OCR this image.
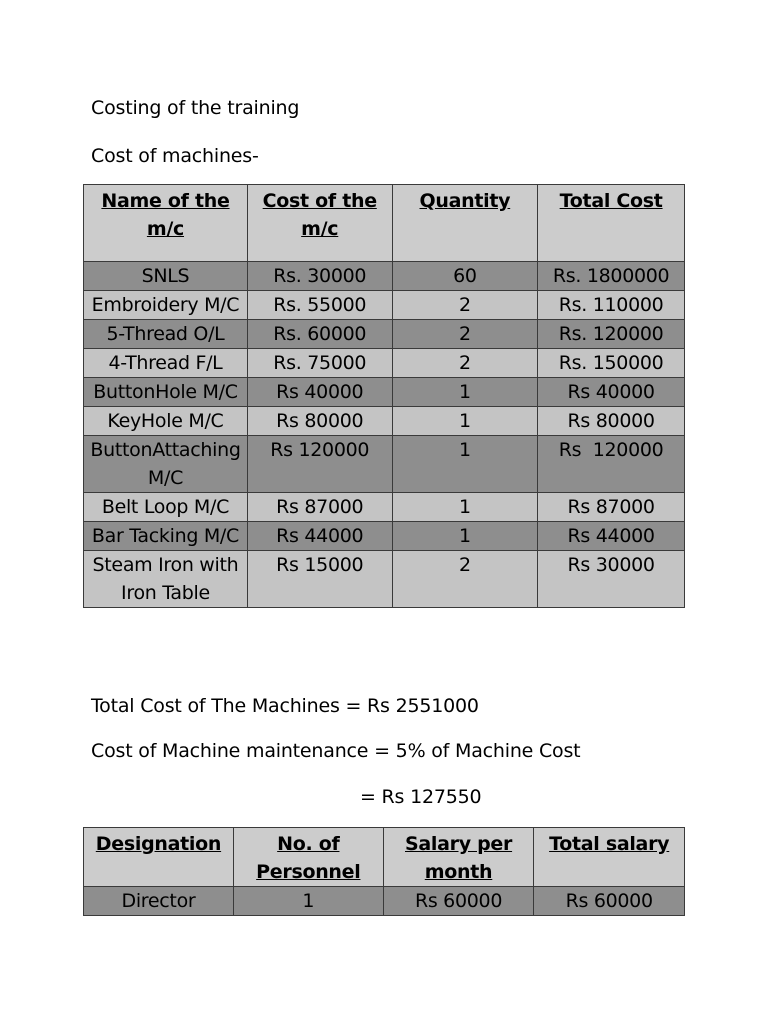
Costing of the training
Cost of machines-
Name of the m/c	Cost of the m/c	Quantity	Total Cost
SNLS	Rs. 30000	60	Rs. 1800000
Embroidery M/C	Rs. 55000	2	Rs. 110000
5-Thread O/L	Rs. 60000	2	Rs. 120000
4-Thread F/L	Rs. 75000	2	Rs. 150000
ButtonHole M/C	Rs 40000	1	Rs 40000
KeyHole M/C	Rs 80000	1	Rs 80000
ButtonAttaching M/C	Rs 120000	1	Rs  120000
Belt Loop M/C	Rs 87000	1	Rs 87000
Bar Tacking M/C	Rs 44000	1	Rs 44000
Steam Iron with Iron Table	Rs 15000	2	Rs 30000
Total Cost of The Machines = Rs 2551000
Cost of Machine maintenance = 5% of Machine Cost
= Rs 127550
Designation	No. of Personnel	Salary per month	Total salary
Director	1	Rs 60000	Rs 60000
